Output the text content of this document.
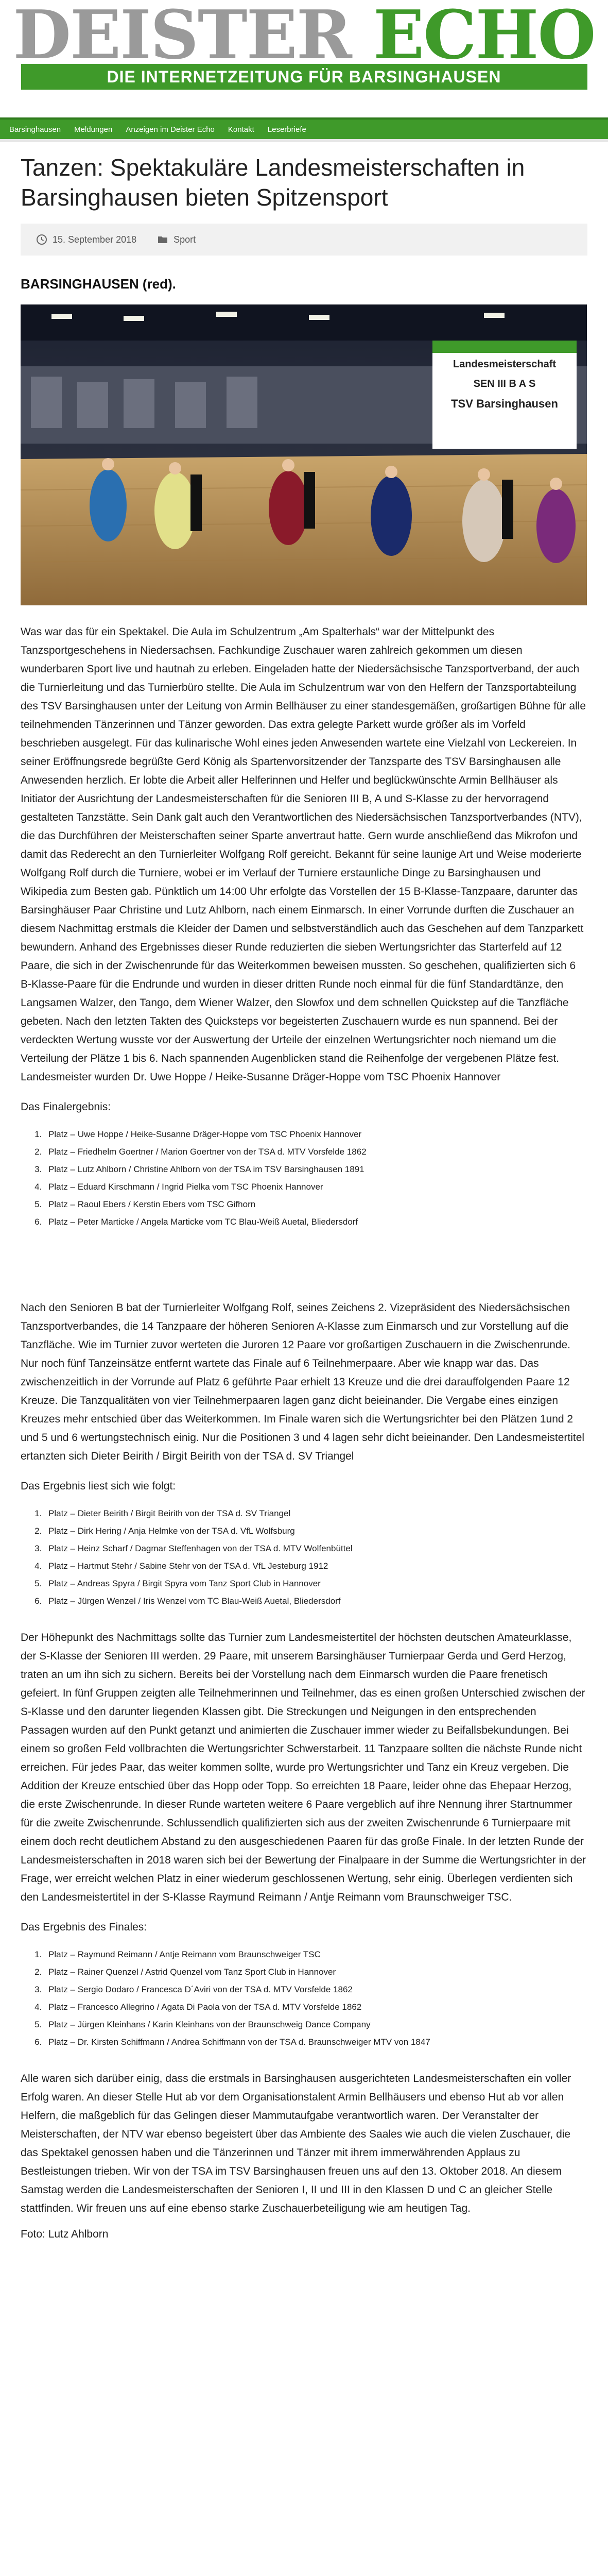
DEISTER ECHO
DIE INTERNETZEITUNG FÜR BARSINGHAUSEN
Barsinghausen Meldungen Anzeigen im Deister Echo Kontakt Leserbriefe
Tanzen: Spektakuläre Landesmeisterschaften in Barsinghausen bieten Spitzensport
15. September 2018	Sport
BARSINGHAUSEN (red).
Landesmeisterschaft
SEN III B A S
TSV Barsinghausen

Was war das für ein Spektakel. Die Aula im Schulzentrum „Am Spalterhals“ war der Mittelpunkt des Tanzsportgeschehens in Niedersachsen. Fachkundige Zuschauer waren zahlreich gekommen um diesen wunderbaren Sport live und hautnah zu erleben. Eingeladen hatte der Niedersächsische Tanzsportverband, der auch die Turnierleitung und das Turnierbüro stellte. Die Aula im Schulzentrum war von den Helfern der Tanzsportabteilung des TSV Barsinghausen unter der Leitung von Armin Bellhäuser zu einer standesgemäßen, großartigen Bühne für alle teilnehmenden Tänzerinnen und Tänzer geworden. Das extra gelegte Parkett wurde größer als im Vorfeld beschrieben ausgelegt. Für das kulinarische Wohl eines jeden Anwesenden wartete eine Vielzahl von Leckereien. In seiner Eröffnungsrede begrüßte Gerd König als Spartenvorsitzender der Tanzsparte des TSV Barsinghausen alle Anwesenden herzlich. Er lobte die Arbeit aller Helferinnen und Helfer und beglückwünschte Armin Bellhäuser als Initiator der Ausrichtung der Landesmeisterschaften für die Senioren III B, A und S-Klasse zu der hervorragend gestalteten Tanzstätte. Sein Dank galt auch den Verantwortlichen des Niedersächsischen Tanzsportverbandes (NTV), die das Durchführen der Meisterschaften seiner Sparte anvertraut hatte. Gern wurde anschließend das Mikrofon und damit das Rederecht an den Turnierleiter Wolfgang Rolf gereicht. Bekannt für seine launige Art und Weise moderierte Wolfgang Rolf durch die Turniere, wobei er im Verlauf der Turniere erstaunliche Dinge zu Barsinghausen und Wikipedia zum Besten gab. Pünktlich um 14:00 Uhr erfolgte das Vorstellen der 15 B-Klasse-Tanzpaare, darunter das Barsinghäuser Paar Christine und Lutz Ahlborn, nach einem Einmarsch. In einer Vorrunde durften die Zuschauer an diesem Nachmittag erstmals die Kleider der Damen und selbstverständlich auch das Geschehen auf dem Tanzparkett bewundern. Anhand des Ergebnisses dieser Runde reduzierten die sieben Wertungsrichter das Starterfeld auf 12 Paare, die sich in der Zwischenrunde für das Weiterkommen beweisen mussten. So geschehen, qualifizierten sich 6 B-Klasse-Paare für die Endrunde und wurden in dieser dritten Runde noch einmal für die fünf Standardtänze, den Langsamen Walzer, den Tango, dem Wiener Walzer, den Slowfox und dem schnellen Quickstep auf die Tanzfläche gebeten. Nach den letzten Takten des Quicksteps vor begeisterten Zuschauern wurde es nun spannend. Bei der verdeckten Wertung wusste vor der Auswertung der Urteile der einzelnen Wertungsrichter noch niemand um die Verteilung der Plätze 1 bis 6. Nach spannenden Augenblicken stand die Reihenfolge der vergebenen Plätze fest. Landesmeister wurden Dr. Uwe Hoppe / Heike-Susanne Dräger-Hoppe vom TSC Phoenix Hannover

Das Finalergebnis:
1. Platz – Uwe Hoppe / Heike-Susanne Dräger-Hoppe vom TSC Phoenix Hannover
2. Platz – Friedhelm Goertner / Marion Goertner von der TSA d. MTV Vorsfelde 1862
3. Platz – Lutz Ahlborn / Christine Ahlborn von der TSA im TSV Barsinghausen 1891
4. Platz – Eduard Kirschmann / Ingrid Pielka vom TSC Phoenix Hannover
5. Platz – Raoul Ebers / Kerstin Ebers vom TSC Gifhorn
6. Platz – Peter Marticke / Angela Marticke vom TC Blau-Weiß Auetal, Bliedersdorf

Nach den Senioren B bat der Turnierleiter Wolfgang Rolf, seines Zeichens 2. Vizepräsident des Niedersächsischen Tanzsportverbandes, die 14 Tanzpaare der höheren Senioren A-Klasse zum Einmarsch und zur Vorstellung auf die Tanzfläche. Wie im Turnier zuvor werteten die Juroren 12 Paare vor großartigen Zuschauern in die Zwischenrunde. Nur noch fünf Tanzeinsätze entfernt wartete das Finale auf 6 Teilnehmerpaare. Aber wie knapp war das. Das zwischenzeitlich in der Vorrunde auf Platz 6 geführte Paar erhielt 13 Kreuze und die drei darauffolgenden Paare 12 Kreuze. Die Tanzqualitäten von vier Teilnehmerpaaren lagen ganz dicht beieinander. Die Vergabe eines einzigen Kreuzes mehr entschied über das Weiterkommen. Im Finale waren sich die Wertungsrichter bei den Plätzen 1und 2 und 5 und 6 wertungstechnisch einig. Nur die Positionen 3 und 4 lagen sehr dicht beieinander. Den Landesmeistertitel ertanzten sich Dieter Beirith / Birgit Beirith von der TSA d. SV Triangel

Das Ergebnis liest sich wie folgt:
1. Platz – Dieter Beirith / Birgit Beirith von der TSA d. SV Triangel
2. Platz – Dirk Hering / Anja Helmke von der TSA d. VfL Wolfsburg
3. Platz – Heinz Scharf / Dagmar Steffenhagen von der TSA d. MTV Wolfenbüttel
4. Platz – Hartmut Stehr / Sabine Stehr von der TSA d. VfL Jesteburg 1912
5. Platz – Andreas Spyra / Birgit Spyra vom Tanz Sport Club in Hannover
6. Platz – Jürgen Wenzel / Iris Wenzel vom TC Blau-Weiß Auetal, Bliedersdorf

Der Höhepunkt des Nachmittags sollte das Turnier zum Landesmeistertitel der höchsten deutschen Amateurklasse, der S-Klasse der Senioren III werden. 29 Paare, mit unserem Barsinghäuser Turnierpaar Gerda und Gerd Herzog, traten an um ihn sich zu sichern. Bereits bei der Vorstellung nach dem Einmarsch wurden die Paare frenetisch gefeiert. In fünf Gruppen zeigten alle Teilnehmerinnen und Teilnehmer, das es einen großen Unterschied zwischen der S-Klasse und den darunter liegenden Klassen gibt. Die Streckungen und Neigungen in den entsprechenden Passagen wurden auf den Punkt getanzt und animierten die Zuschauer immer wieder zu Beifallsbekundungen. Bei einem so großen Feld vollbrachten die Wertungsrichter Schwerstarbeit. 11 Tanzpaare sollten die nächste Runde nicht erreichen. Für jedes Paar, das weiter kommen sollte, wurde pro Wertungsrichter und Tanz ein Kreuz vergeben. Die Addition der Kreuze entschied über das Hopp oder Topp. So erreichten 18 Paare, leider ohne das Ehepaar Herzog, die erste Zwischenrunde. In dieser Runde warteten weitere 6 Paare vergeblich auf ihre Nennung ihrer Startnummer für die zweite Zwischenrunde. Schlussendlich qualifizierten sich aus der zweiten Zwischenrunde 6 Turnierpaare mit einem doch recht deutlichem Abstand zu den ausgeschiedenen Paaren für das große Finale. In der letzten Runde der Landesmeisterschaften in 2018 waren sich bei der Bewertung der Finalpaare in der Summe die Wertungsrichter in der Frage, wer erreicht welchen Platz in einer wiederum geschlossenen Wertung, sehr einig. Überlegen verdienten sich den Landesmeistertitel in der S-Klasse Raymund Reimann / Antje Reimann vom Braunschweiger TSC.

Das Ergebnis des Finales:
1. Platz – Raymund Reimann / Antje Reimann vom Braunschweiger TSC
2. Platz – Rainer Quenzel / Astrid Quenzel vom Tanz Sport Club in Hannover
3. Platz – Sergio Dodaro / Francesca D´Aviri von der TSA d. MTV Vorsfelde 1862
4. Platz – Francesco Allegrino / Agata Di Paola von der TSA d. MTV Vorsfelde 1862
5. Platz – Jürgen Kleinhans / Karin Kleinhans von der Braunschweig Dance Company
6. Platz – Dr. Kirsten Schiffmann / Andrea Schiffmann von der TSA d. Braunschweiger MTV von 1847

Alle waren sich darüber einig, dass die erstmals in Barsinghausen ausgerichteten Landesmeisterschaften ein voller Erfolg waren. An dieser Stelle Hut ab vor dem Organisationstalent Armin Bellhäusers und ebenso Hut ab vor allen Helfern, die maßgeblich für das Gelingen dieser Mammutaufgabe verantwortlich waren. Der Veranstalter der Meisterschaften, der NTV war ebenso begeistert über das Ambiente des Saales wie auch die vielen Zuschauer, die das Spektakel genossen haben und die Tänzerinnen und Tänzer mit ihrem immerwährenden Applaus zu Bestleistungen trieben. Wir von der TSA im TSV Barsinghausen freuen uns auf den 13. Oktober 2018. An diesem Samstag werden die Landesmeisterschaften der Senioren I, II und III in den Klassen D und C an gleicher Stelle stattfinden. Wir freuen uns auf eine ebenso starke Zuschauerbeteiligung wie am heutigen Tag.

Foto: Lutz Ahlborn
